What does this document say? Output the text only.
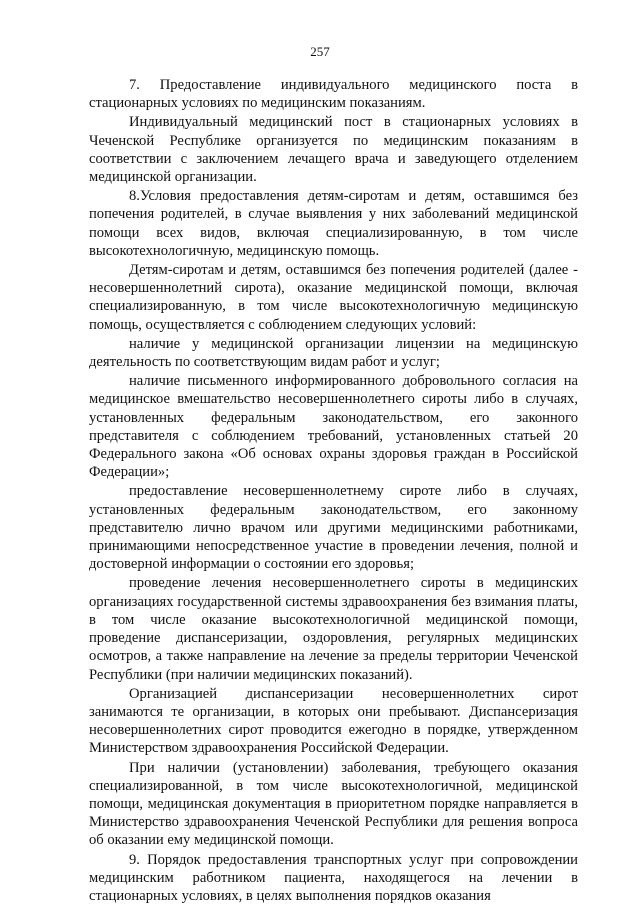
257

7. Предоставление индивидуального медицинского поста в стационарных условиях по медицинским показаниям.

Индивидуальный медицинский пост в стационарных условиях в Чеченской Республике организуется по медицинским показаниям в соответствии с заключением лечащего врача и заведующего отделением медицинской организации.

8.Условия предоставления детям-сиротам и детям, оставшимся без попечения родителей, в случае выявления у них заболеваний медицинской помощи всех видов, включая специализированную, в том числе высокотехнологичную, медицинскую помощь.

Детям-сиротам и детям, оставшимся без попечения родителей (далее - несовершеннолетний сирота), оказание медицинской помощи, включая специализированную, в том числе высокотехнологичную медицинскую помощь, осуществляется с соблюдением следующих условий:

наличие у медицинской организации лицензии на медицинскую деятельность по соответствующим видам работ и услуг;

наличие письменного информированного добровольного согласия на медицинское вмешательство несовершеннолетнего сироты либо в случаях, установленных федеральным законодательством, его законного представителя с соблюдением требований, установленных статьей 20 Федерального закона «Об основах охраны здоровья граждан в Российской Федерации»;

предоставление несовершеннолетнему сироте либо в случаях, установленных федеральным законодательством, его законному представителю лично врачом или другими медицинскими работниками, принимающими непосредственное участие в проведении лечения, полной и достоверной информации о состоянии его здоровья;

проведение лечения несовершеннолетнего сироты в медицинских организациях государственной системы здравоохранения без взимания платы, в том числе оказание высокотехнологичной медицинской помощи, проведение диспансеризации, оздоровления, регулярных медицинских осмотров, а также направление на лечение за пределы территории Чеченской Республики (при наличии медицинских показаний).

Организацией диспансеризации несовершеннолетних сирот занимаются те организации, в которых они пребывают. Диспансеризация несовершеннолетних сирот проводится ежегодно в порядке, утвержденном Министерством здравоохранения Российской Федерации.

При наличии (установлении) заболевания, требующего оказания специализированной, в том числе высокотехнологичной, медицинской помощи, медицинская документация в приоритетном порядке направляется в Министерство здравоохранения Чеченской Республики для решения вопроса об оказании ему медицинской помощи.

9. Порядок предоставления транспортных услуг при сопровождении медицинским работником пациента, находящегося на лечении в стационарных условиях, в целях выполнения порядков оказания
